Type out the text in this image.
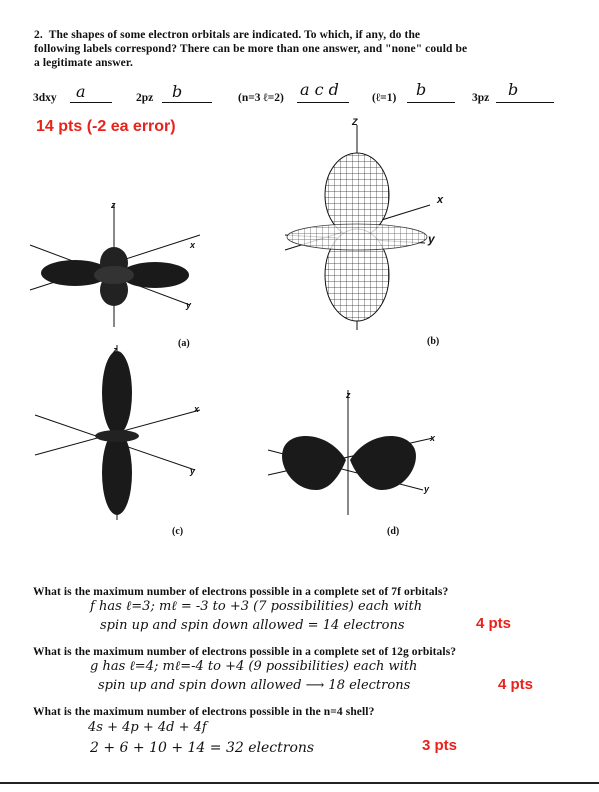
2. The shapes of some electron orbitals are indicated. To which, if any, do the
following labels correspond? There can be more than one answer, and "none" could be
a legitimate answer.
3dxy a	2pz b	(n=3 ℓ=2) a c d	(ℓ=1) b	3pz b
14 pts (-2 ea error)
z
x
y
(a)
Z
x
y
(b)
z
x
y
(c)
z
x
y
(d)
What is the maximum number of electrons possible in a complete set of 7f orbitals?
f has ℓ=3; mℓ = -3 to +3 (7 possibilities) each with
spin up and spin down allowed = 14 electrons	4 pts
What is the maximum number of electrons possible in a complete set of 12g orbitals?
g has ℓ=4; mℓ=-4 to +4 (9 possibilities) each with
spin up and spin down allowed ⟶ 18 electrons	4 pts
What is the maximum number of electrons possible in the n=4 shell?
4s + 4p + 4d + 4f
2 + 6 + 10 + 14 = 32 electrons	3 pts
